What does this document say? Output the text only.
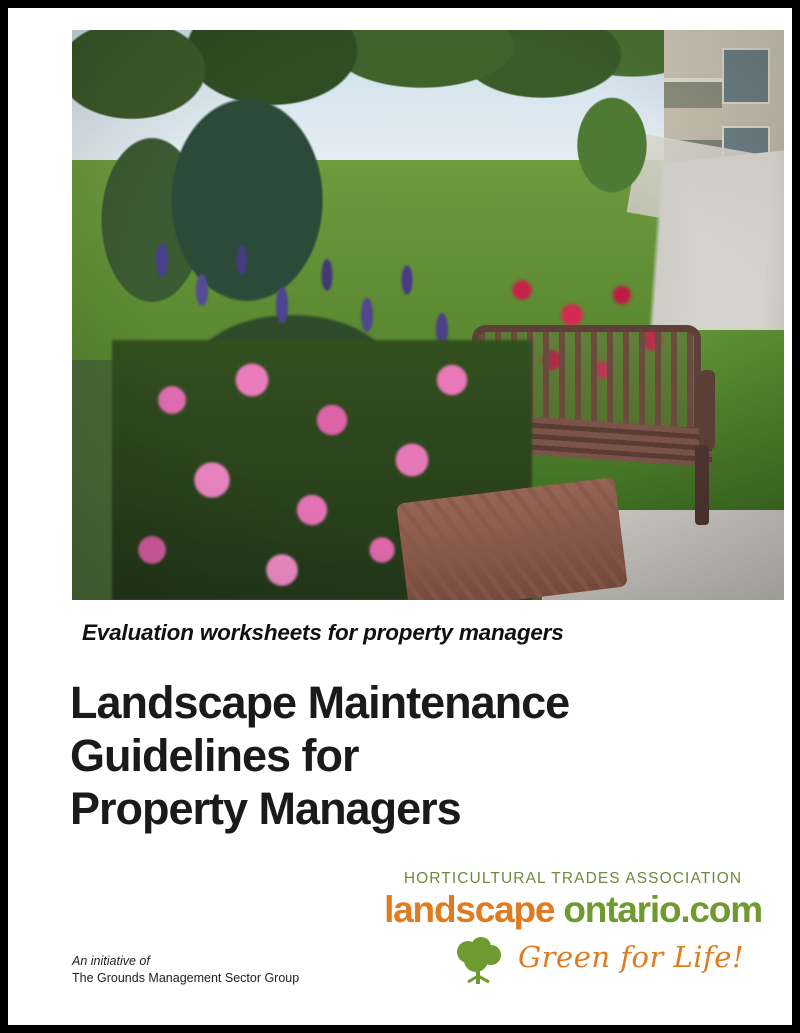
Evaluation worksheets for property managers
Landscape Maintenance
Guidelines for
Property Managers
HORTICULTURAL TRADES ASSOCIATION
landscape ontario.com
Green for Life!
An initiative of
The Grounds Management Sector Group
